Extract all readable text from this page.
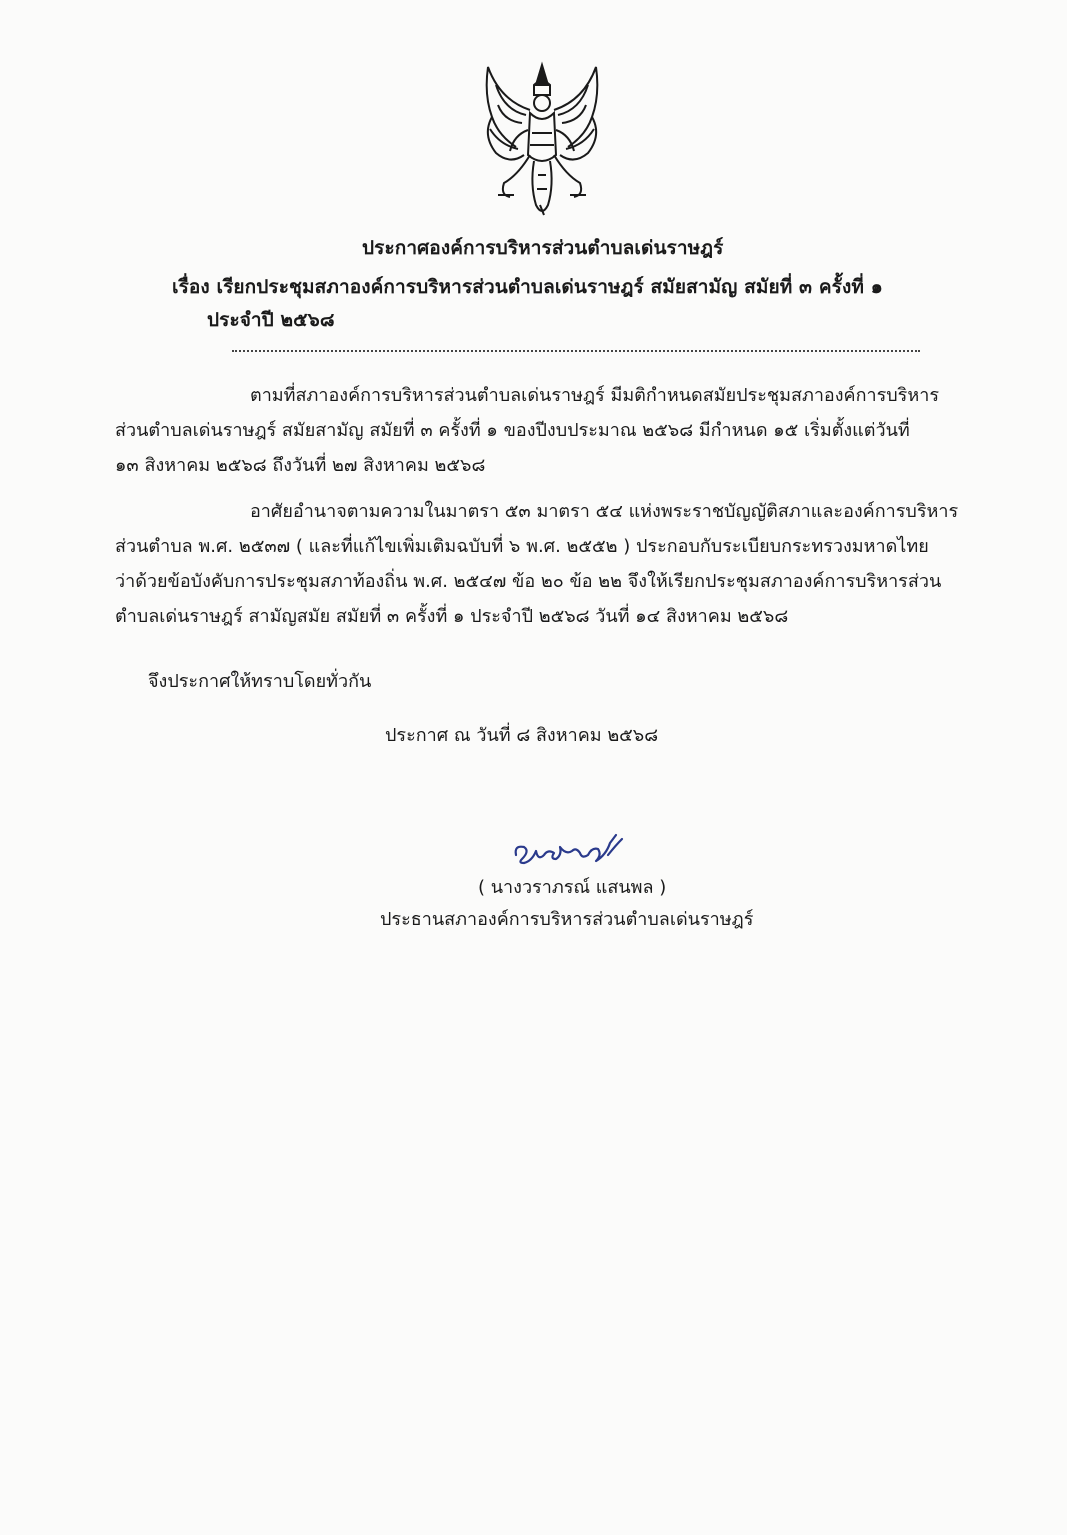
ประกาศองค์การบริหารส่วนตำบลเด่นราษฎร์
เรื่อง เรียกประชุมสภาองค์การบริหารส่วนตำบลเด่นราษฎร์ สมัยสามัญ สมัยที่ ๓ ครั้งที่ ๑
ประจำปี ๒๕๖๘
ตามที่สภาองค์การบริหารส่วนตำบลเด่นราษฎร์ มีมติกำหนดสมัยประชุมสภาองค์การบริหาร
ส่วนตำบลเด่นราษฎร์ สมัยสามัญ สมัยที่ ๓ ครั้งที่ ๑ ของปีงบประมาณ ๒๕๖๘ มีกำหนด ๑๕ เริ่มตั้งแต่วันที่
๑๓ สิงหาคม ๒๕๖๘ ถึงวันที่ ๒๗ สิงหาคม ๒๕๖๘
อาศัยอำนาจตามความในมาตรา ๕๓ มาตรา ๕๔ แห่งพระราชบัญญัติสภาและองค์การบริหาร
ส่วนตำบล พ.ศ. ๒๕๓๗ ( และที่แก้ไขเพิ่มเติมฉบับที่ ๖ พ.ศ. ๒๕๕๒ ) ประกอบกับระเบียบกระทรวงมหาดไทย
ว่าด้วยข้อบังคับการประชุมสภาท้องถิ่น พ.ศ. ๒๕๔๗ ข้อ ๒๐ ข้อ ๒๒ จึงให้เรียกประชุมสภาองค์การบริหารส่วน
ตำบลเด่นราษฎร์ สามัญสมัย สมัยที่ ๓ ครั้งที่ ๑ ประจำปี ๒๕๖๘ วันที่ ๑๔ สิงหาคม ๒๕๖๘
จึงประกาศให้ทราบโดยทั่วกัน
ประกาศ ณ วันที่ ๘ สิงหาคม ๒๕๖๘
( นางวราภรณ์ แสนพล )
ประธานสภาองค์การบริหารส่วนตำบลเด่นราษฎร์
